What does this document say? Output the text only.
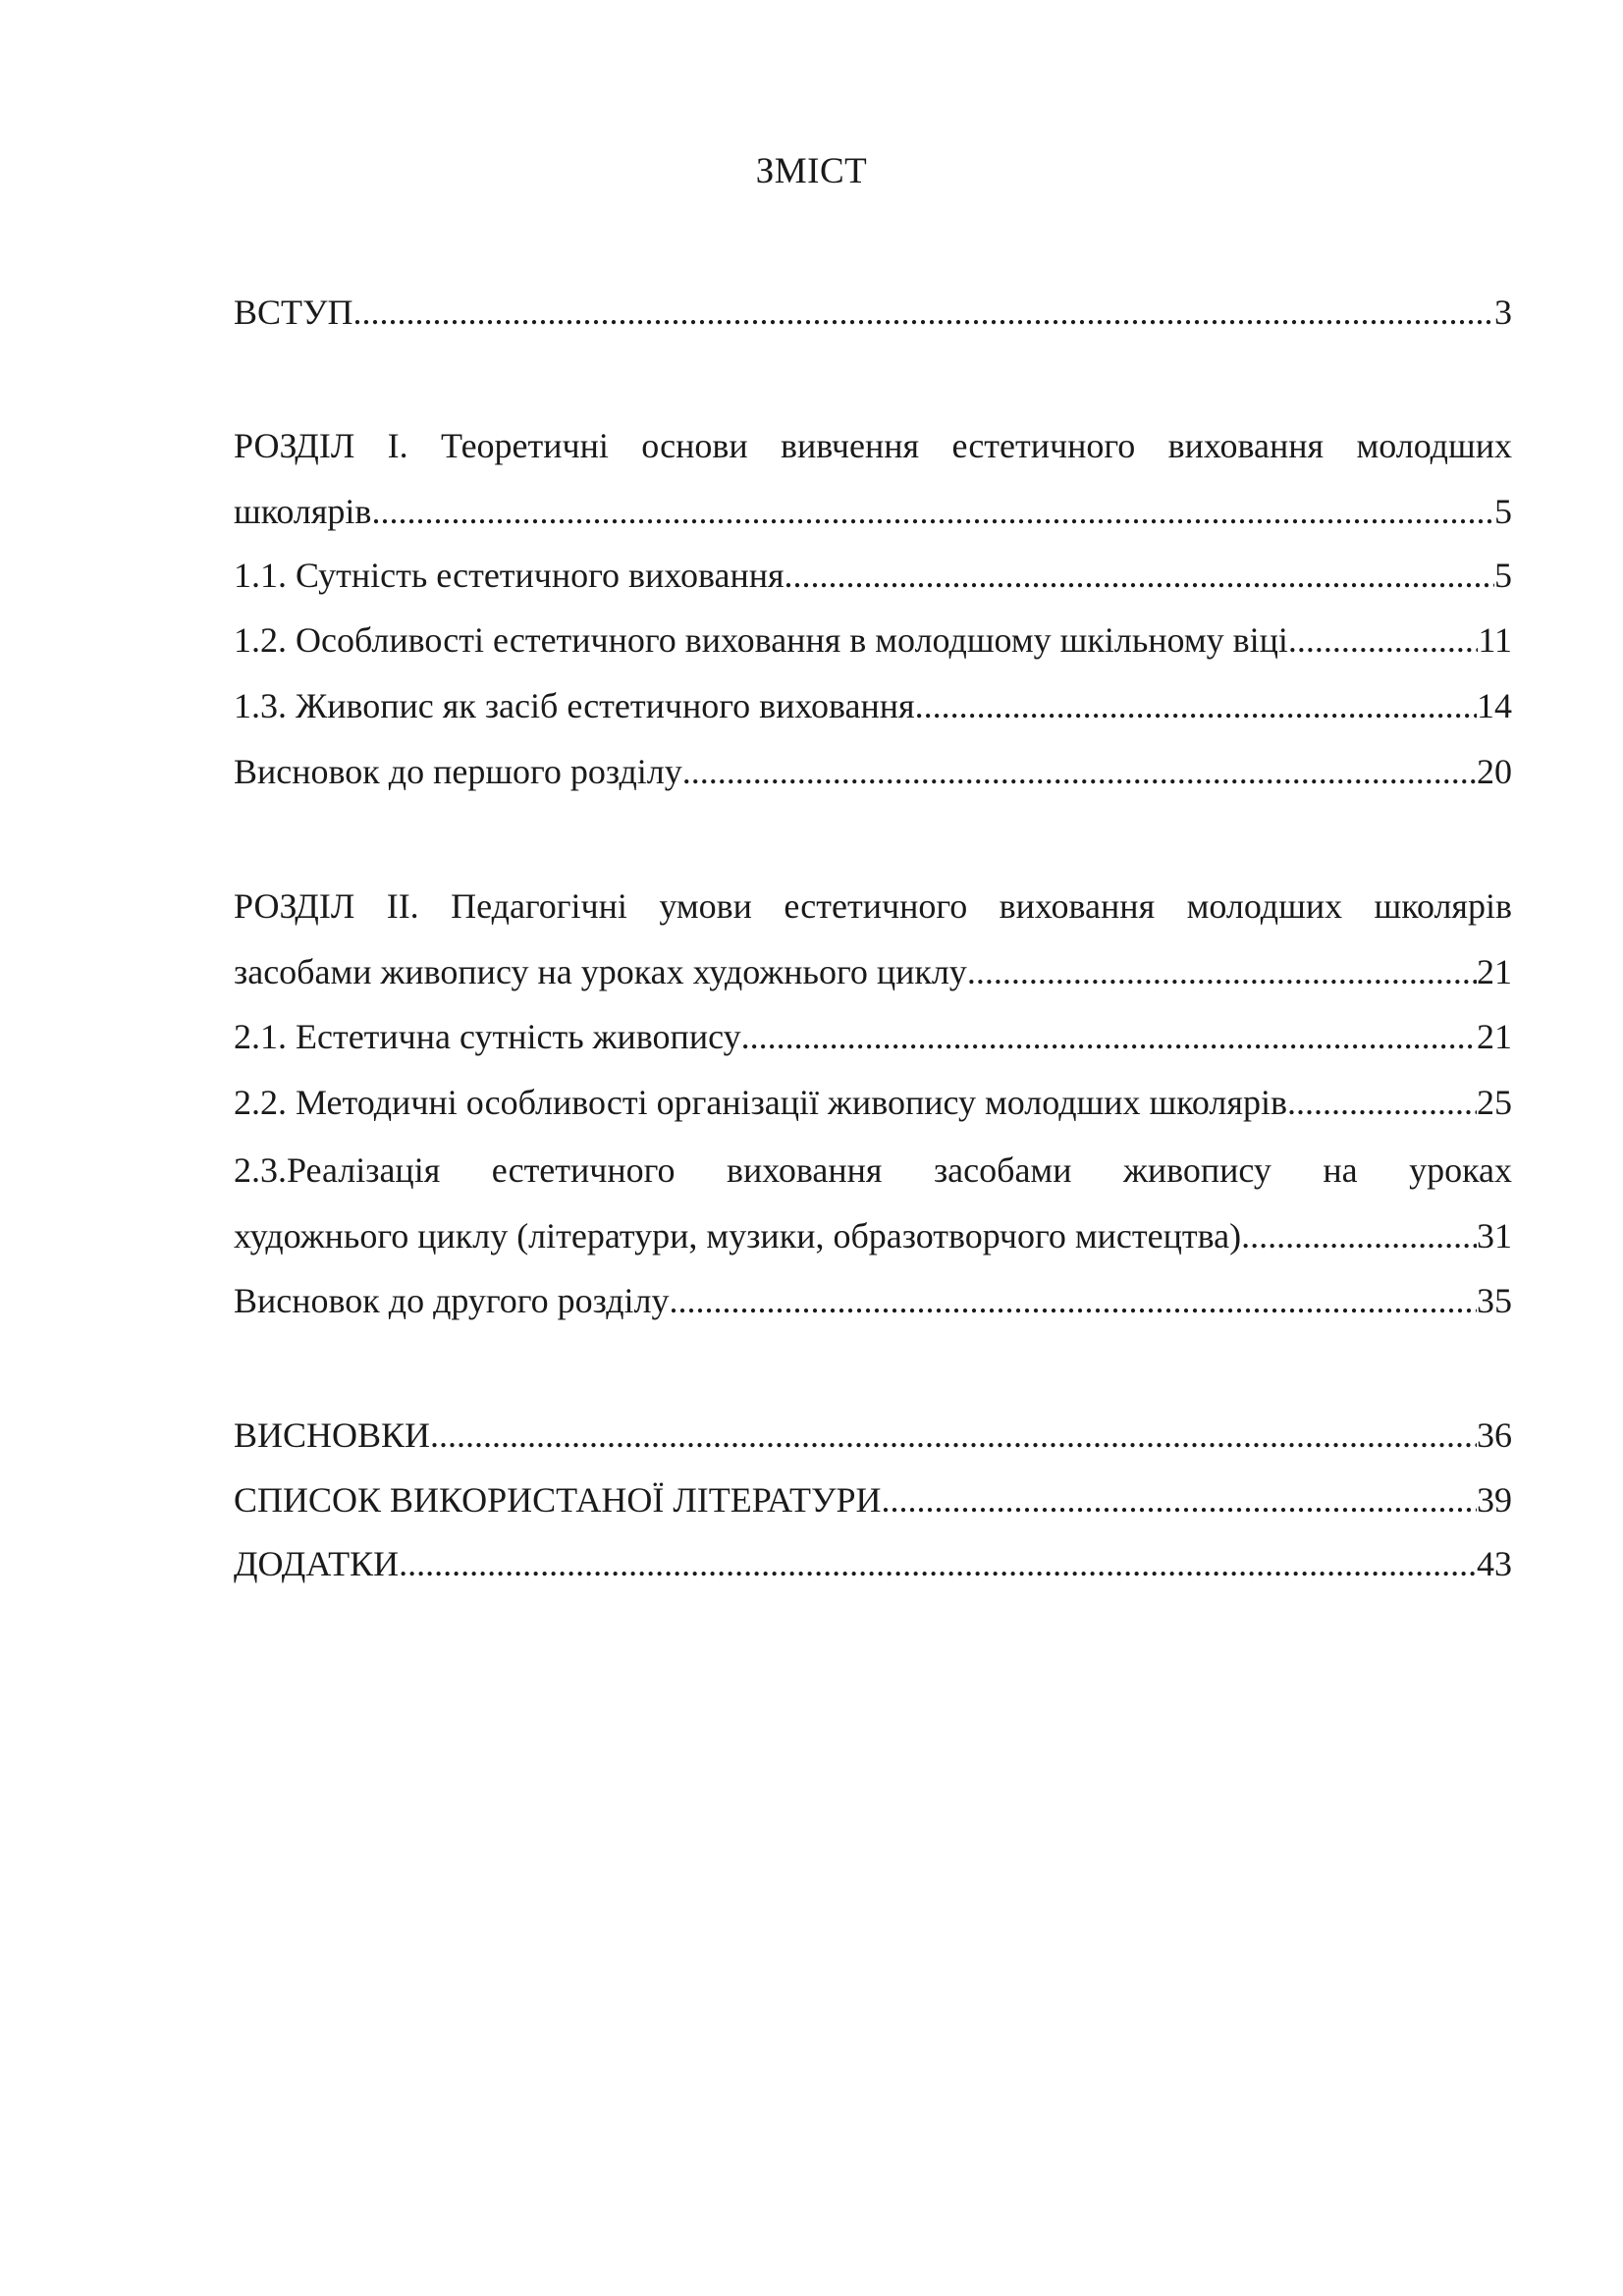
ЗМІСТ
ВСТУП .....	3
РОЗДІЛ I. Теоретичні основи вивчення естетичного виховання молодших
школярів .....	5
1.1. Сутність естетичного виховання .....	5
1.2. Особливості естетичного виховання в молодшому шкільному віці .....	11
1.3. Живопис як засіб естетичного виховання .....	14
Висновок до першого розділу .....	20
РОЗДІЛ II. Педагогічні умови естетичного виховання молодших школярів
засобами живопису на уроках художнього циклу .....	21
2.1. Естетична сутність живопису .....	21
2.2. Методичні особливості організації живопису молодших школярів .....	25
2.3.Реалізація естетичного виховання засобами живопису на уроках
художнього циклу (літератури, музики, образотворчого мистецтва) .....	31
Висновок до другого розділу .....	35
ВИСНОВКИ .....	36
СПИСОК ВИКОРИСТАНОЇ ЛІТЕРАТУРИ .....	39
ДОДАТКИ .....	43
